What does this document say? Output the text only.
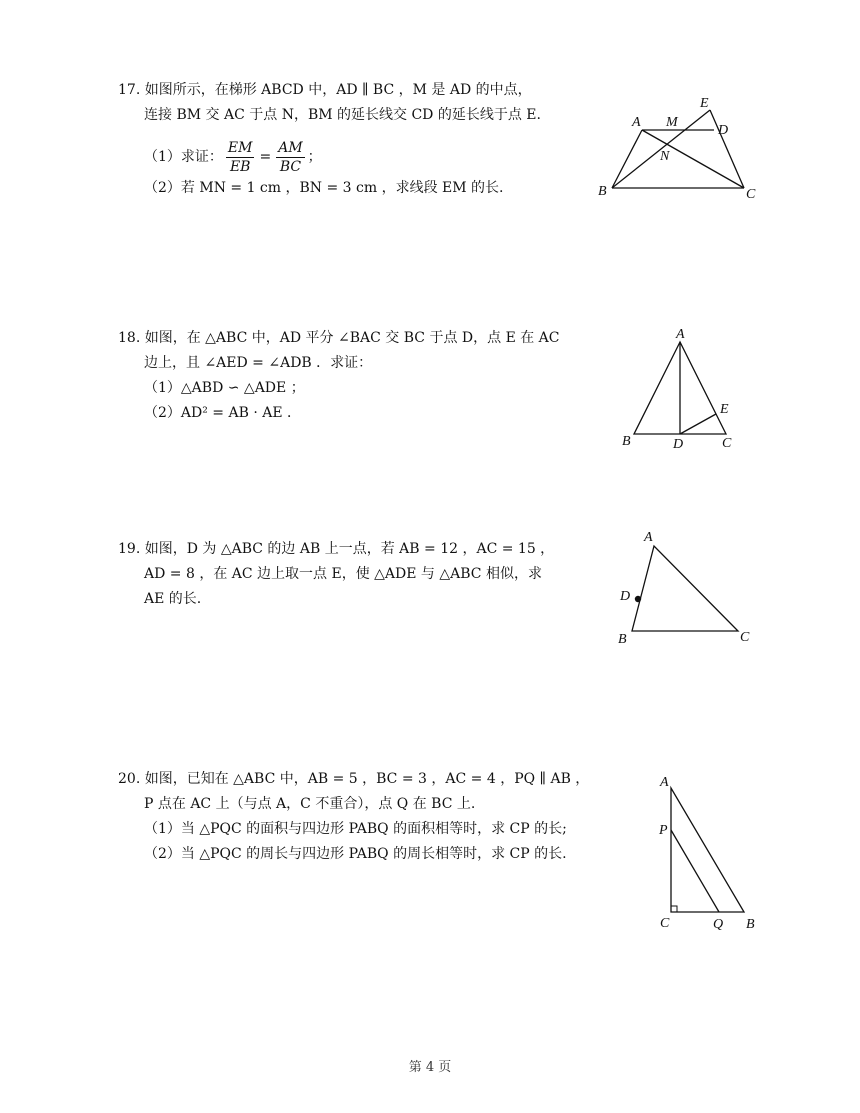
17. 如图所示，在梯形 ABCD 中，AD ∥ BC ，M 是 AD 的中点，
连接 BM 交 AC 于点 N，BM 的延长线交 CD 的延长线于点 E.
（1）求证： $\frac{EM}{EB} = \frac{AM}{BC}$ ；
（2）若 MN = 1 cm ，BN = 3 cm ，求线段 EM 的长.
A M
D
E
N
B	C
18. 如图，在 △ABC 中，AD 平分 ∠BAC 交 BC 于点 D，点 E 在 AC
边上，且 ∠AED = ∠ADB ．求证：
（1）△ABD ∽ △ADE ；
（2）AD² = AB · AE ．
A
B	C
D
E
19. 如图，D 为 △ABC 的边 AB 上一点，若 AB = 12 ，AC = 15 ，
AD = 8 ，在 AC 边上取一点 E，使 △ADE 与 △ABC 相似，求
AE 的长.
A
D
B	C
20. 如图，已知在 △ABC 中，AB = 5 ，BC = 3 ，AC = 4 ，PQ ∥ AB ，
P 点在 AC 上（与点 A，C 不重合），点 Q 在 BC 上.
（1）当 △PQC 的面积与四边形 PABQ 的面积相等时，求 CP 的长;
（2）当 △PQC 的周长与四边形 PABQ 的周长相等时，求 CP 的长.
A
P
C	Q B
第 4 页
